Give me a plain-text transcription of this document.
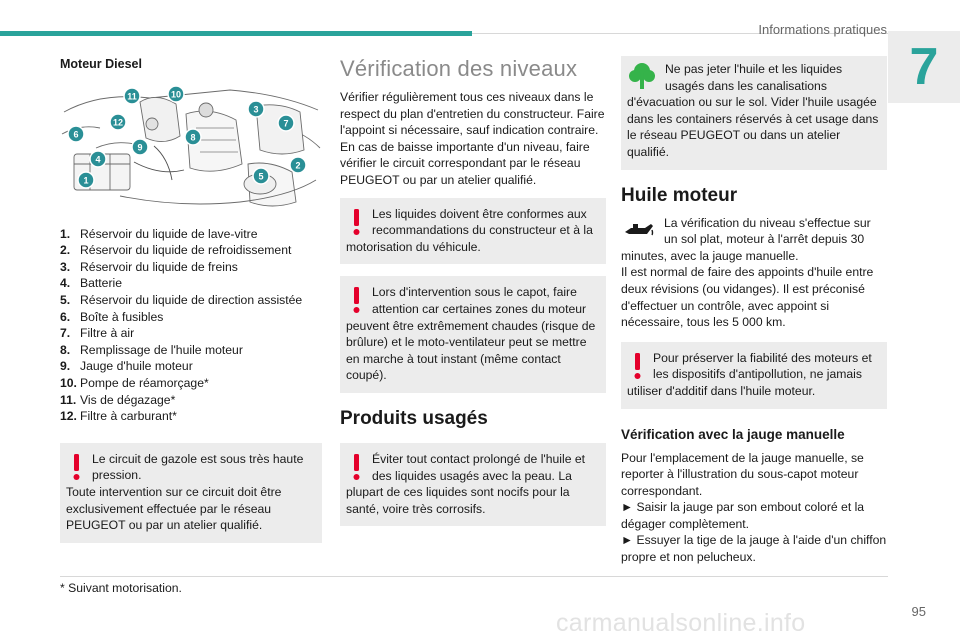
Informations pratiques
7
Moteur Diesel
1
2
3
4
5
6
7
8
9
10
11
12
1. Réservoir du liquide de lave-vitre
2. Réservoir du liquide de refroidissement
3. Réservoir du liquide de freins
4. Batterie
5. Réservoir du liquide de direction assistée
6. Boîte à fusibles
7. Filtre à air
8. Remplissage de l'huile moteur
9. Jauge d'huile moteur
10. Pompe de réamorçage*
11. Vis de dégazage*
12. Filtre à carburant*

Le circuit de gazole est sous très haute pression.

Toute intervention sur ce circuit doit être exclusivement effectuée par le réseau PEUGEOT ou par un atelier qualifié.

Vérification des niveaux

Vérifier régulièrement tous ces niveaux dans le respect du plan d'entretien du constructeur. Faire l'appoint si nécessaire, sauf indication contraire. En cas de baisse importante d'un niveau, faire vérifier le circuit correspondant par le réseau PEUGEOT ou par un atelier qualifié.

Les liquides doivent être conformes aux recommandations du constructeur et à la motorisation du véhicule.

Lors d'intervention sous le capot, faire attention car certaines zones du moteur peuvent être extrêmement chaudes (risque de brûlure) et le moto-ventilateur peut se mettre en marche à tout instant (même contact coupé).

Produits usagés

Éviter tout contact prolongé de l'huile et des liquides usagés avec la peau. La plupart de ces liquides sont nocifs pour la santé, voire très corrosifs.

Ne pas jeter l'huile et les liquides usagés dans les canalisations d'évacuation ou sur le sol. Vider l'huile usagée dans les containers réservés à cet usage dans le réseau PEUGEOT ou dans un atelier qualifié.

Huile moteur

La vérification du niveau s'effectue sur un sol plat, moteur à l'arrêt depuis 30 minutes, avec la jauge manuelle.

Il est normal de faire des appoints d'huile entre deux révisions (ou vidanges). Il est préconisé d'effectuer un contrôle, avec appoint si nécessaire, tous les 5 000 km.

Pour préserver la fiabilité des moteurs et les dispositifs d'antipollution, ne jamais utiliser d'additif dans l'huile moteur.

Vérification avec la jauge manuelle

Pour l'emplacement de la jauge manuelle, se reporter à l'illustration du sous-capot moteur correspondant.

► Saisir la jauge par son embout coloré et la dégager complètement.

► Essuyer la tige de la jauge à l'aide d'un chiffon propre et non pelucheux.

* Suivant motorisation.
carmanualsonline.info	95
